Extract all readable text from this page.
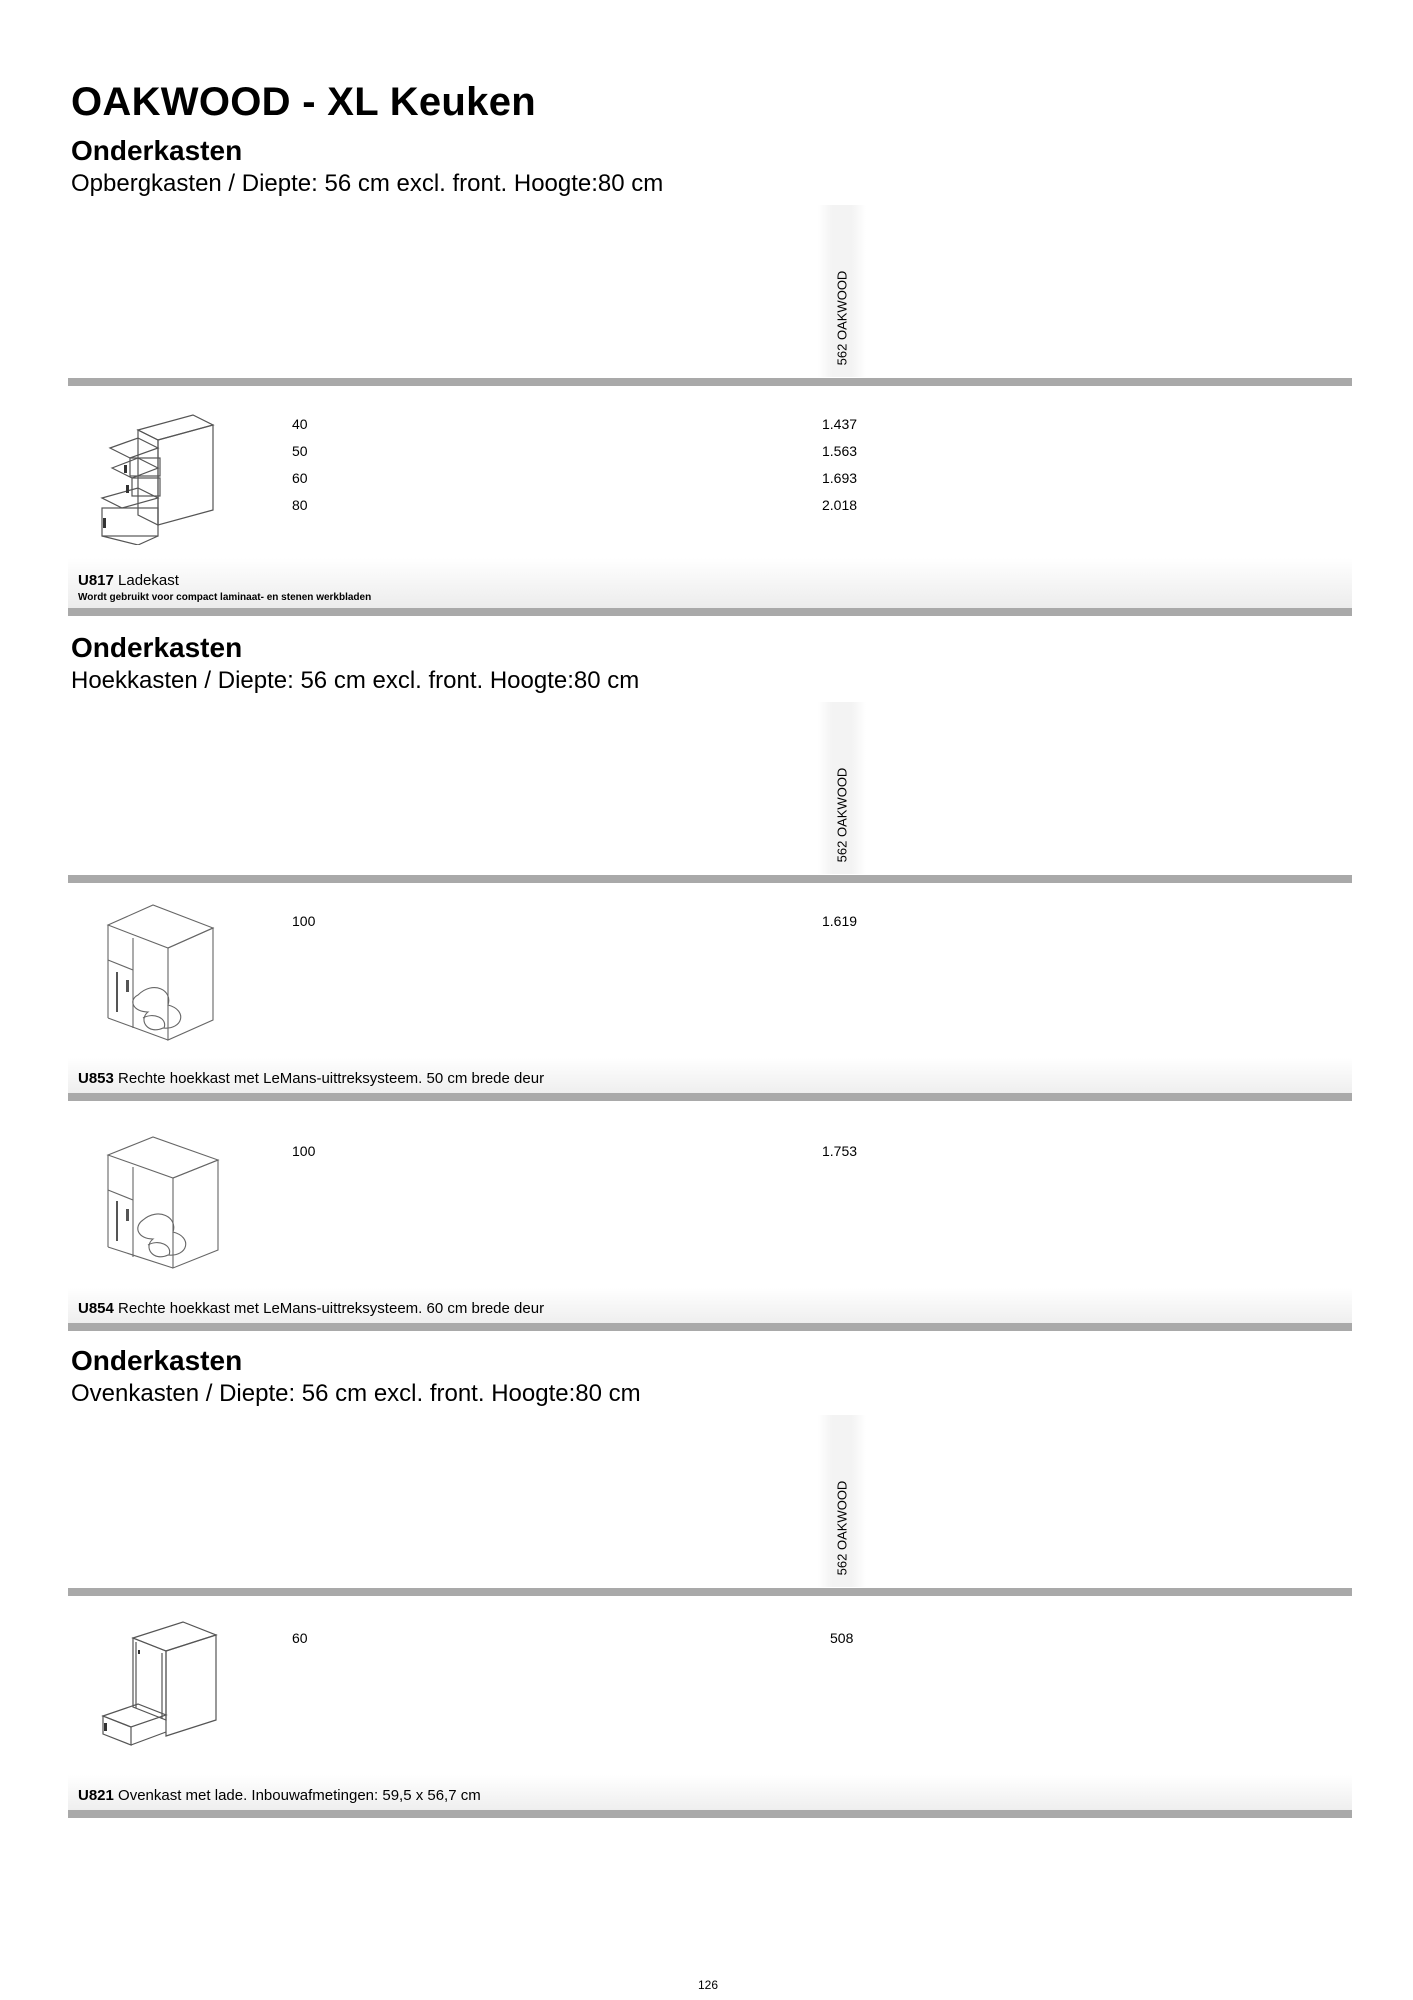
OAKWOOD - XL Keuken
Onderkasten
Opbergkasten / Diepte: 56 cm excl. front. Hoogte:80 cm
562 OAKWOOD
40	1.437
50	1.563
60	1.693
80	2.018
U817 Ladekast
Wordt gebruikt voor compact laminaat- en stenen werkbladen
Onderkasten
Hoekkasten / Diepte: 56 cm excl. front. Hoogte:80 cm
562 OAKWOOD
100	1.619
U853 Rechte hoekkast met LeMans-uittreksysteem. 50 cm brede deur
100	1.753
U854 Rechte hoekkast met LeMans-uittreksysteem. 60 cm brede deur
Onderkasten
Ovenkasten / Diepte: 56 cm excl. front. Hoogte:80 cm
562 OAKWOOD
60	508
U821 Ovenkast met lade. Inbouwafmetingen: 59,5 x 56,7 cm
126
